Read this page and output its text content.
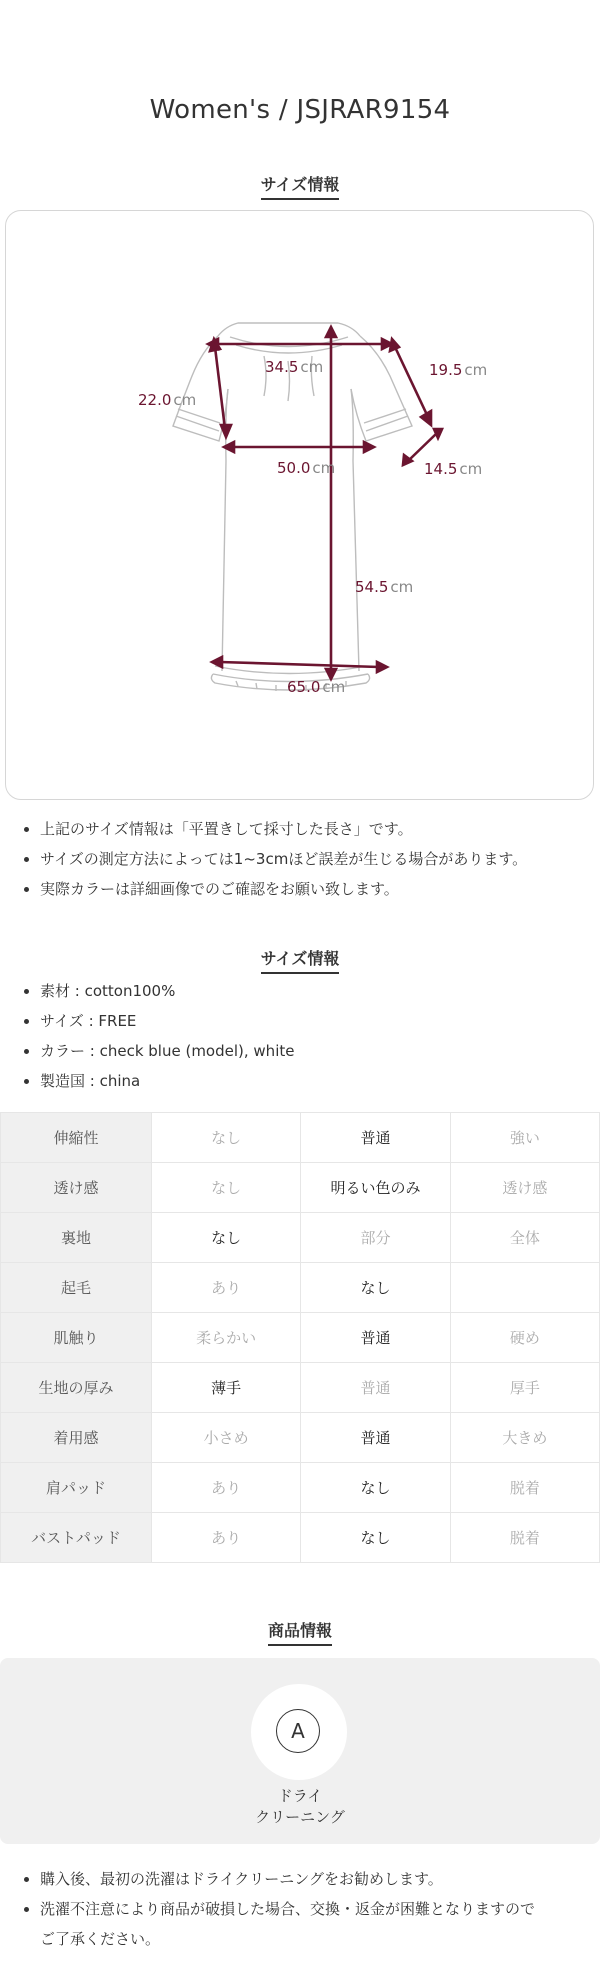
Women's / JSJRAR9154
サイズ情報
34.5 cm	19.5 cm
22.0 cm
50.0 cm	14.5 cm
54.5 cm
65.0 cm
• 上記のサイズ情報は「平置きして採寸した長さ」です。
• サイズの測定方法によっては1~3cmほど誤差が生じる場合があります。
• 実際カラーは詳細画像でのご確認をお願い致します。
サイズ情報
• 素材 : cotton100%
• サイズ : FREE
• カラー : check blue (model), white
• 製造国 : china
伸縮性	なし	普通	強い
透け感	なし	明るい色のみ	透け感
裏地	なし	部分	全体
起毛	あり	なし	
肌触り	柔らかい	普通	硬め
生地の厚み	薄手	普通	厚手
着用感	小さめ	普通	大きめ
肩パッド	あり	なし	脱着
バストパッド	あり	なし	脱着
商品情報
A
ドライ
クリーニング
• 購入後、最初の洗濯はドライクリーニングをお勧めします。
• 洗濯不注意により商品が破損した場合、交換・返金が困難となりますので
ご了承ください。
